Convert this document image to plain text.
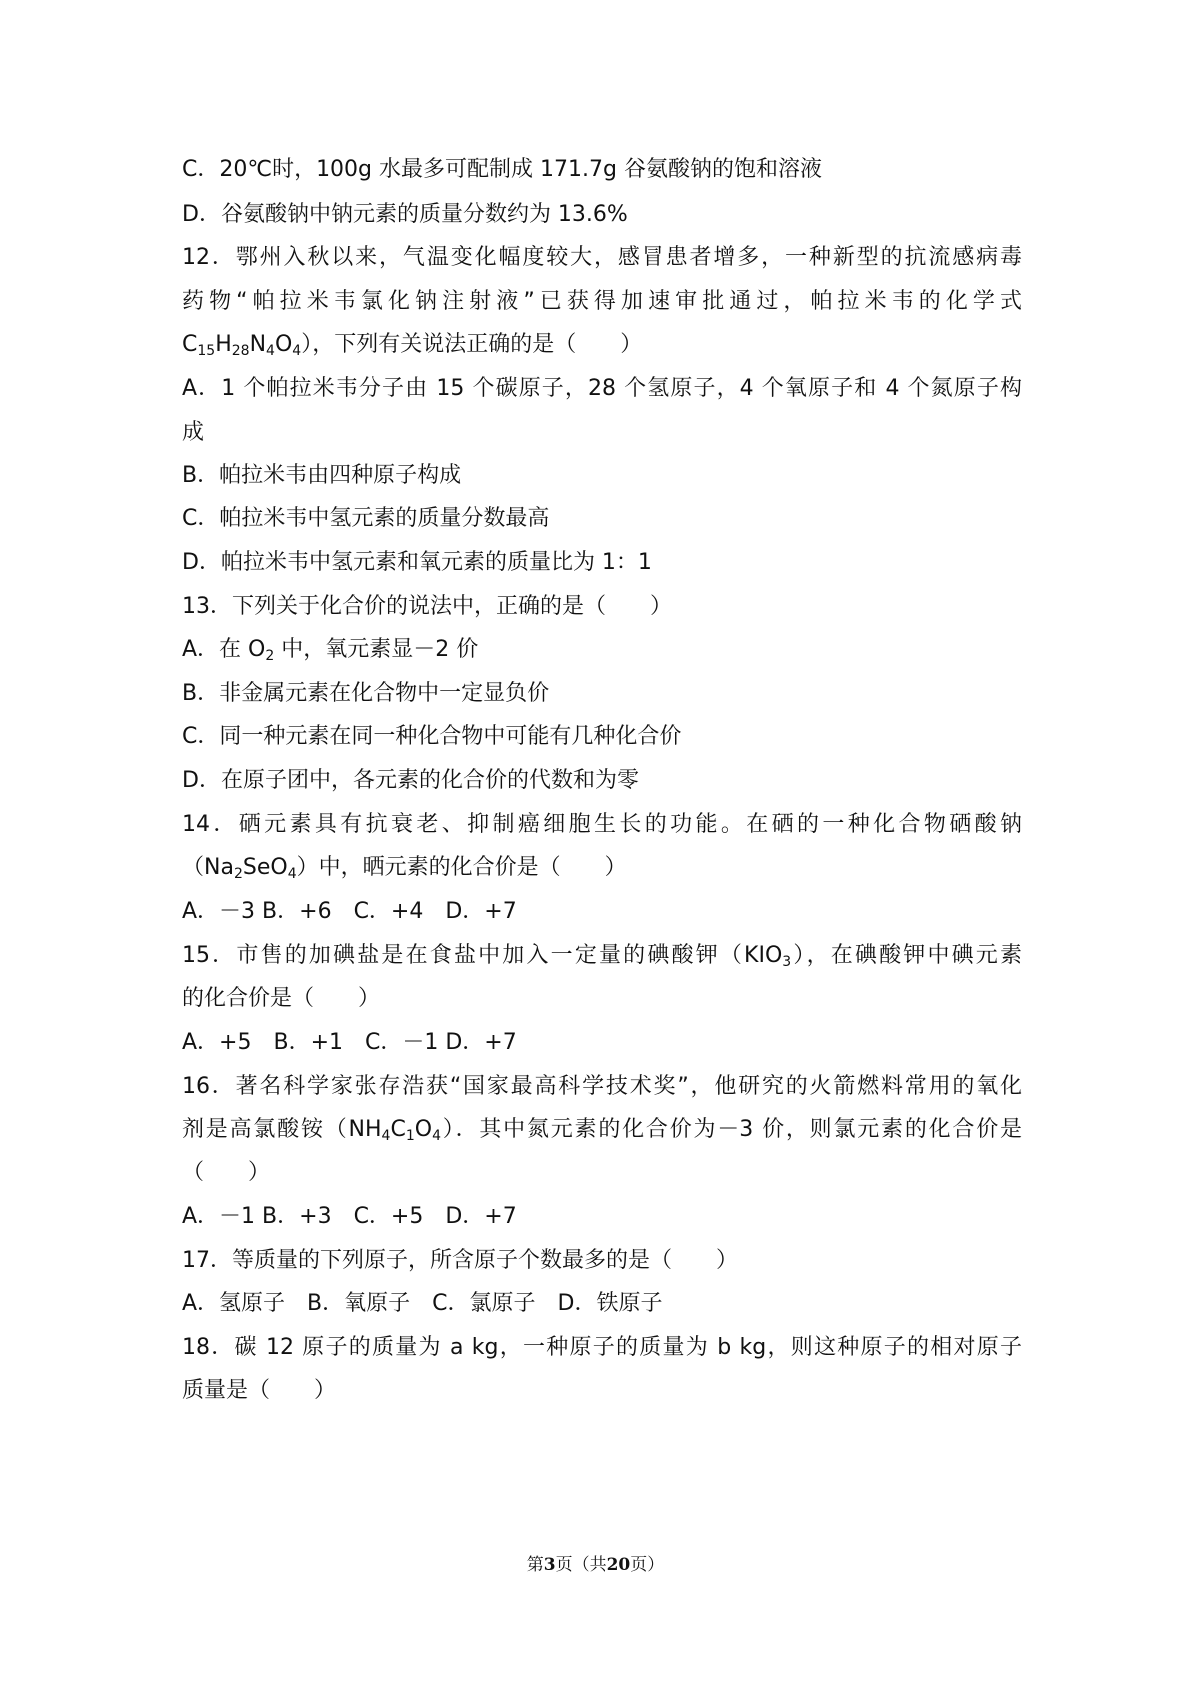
C．20℃时，100g 水最多可配制成 171.7g 谷氨酸钠的饱和溶液
D．谷氨酸钠中钠元素的质量分数约为 13.6%
12．鄂州入秋以来，气温变化幅度较大，感冒患者增多，一种新型的抗流感病毒
药物“帕拉米韦氯化钠注射液”已获得加速审批通过，帕拉米韦的化学式
$C_{15}H_{28}N_4O_4$），下列有关说法正确的是（　　）
A．1 个帕拉米韦分子由 15 个碳原子，28 个氢原子，4 个氧原子和 4 个氮原子构
成
B．帕拉米韦由四种原子构成
C．帕拉米韦中氢元素的质量分数最高
D．帕拉米韦中氢元素和氧元素的质量比为 1：1
13．下列关于化合价的说法中，正确的是（　　）
A．在 $O_2$ 中，氧元素显－2 价
B．非金属元素在化合物中一定显负价
C．同一种元素在同一种化合物中可能有几种化合价
D．在原子团中，各元素的化合价的代数和为零
14．硒元素具有抗衰老、抑制癌细胞生长的功能。在硒的一种化合物硒酸钠
$(Na_2SeO_4)$中，晒元素的化合价是（　　）
A．－3 B．+6　C．+4　D．+7
15．市售的加碘盐是在食盐中加入一定量的碘酸钾$(KIO_3)$，在碘酸钾中碘元素
的化合价是（　　）
A．+5　B．+1　C．－1 D．+7
16．著名科学家张存浩获“国家最高科学技术奖”，他研究的火箭燃料常用的氧化
剂是高氯酸铵$(NH_4C_1O_4)$．其中氮元素的化合价为－3 价，则氯元素的化合价是
（　　）
A．－1 B．+3　C．+5　D．+7
17．等质量的下列原子，所含原子个数最多的是（　　）
A．氢原子　B．氧原子　C．氯原子　D．铁原子
18．碳 12 原子的质量为 a kg，一种原子的质量为 b kg，则这种原子的相对原子
质量是（　　）
第3页（共20页）
